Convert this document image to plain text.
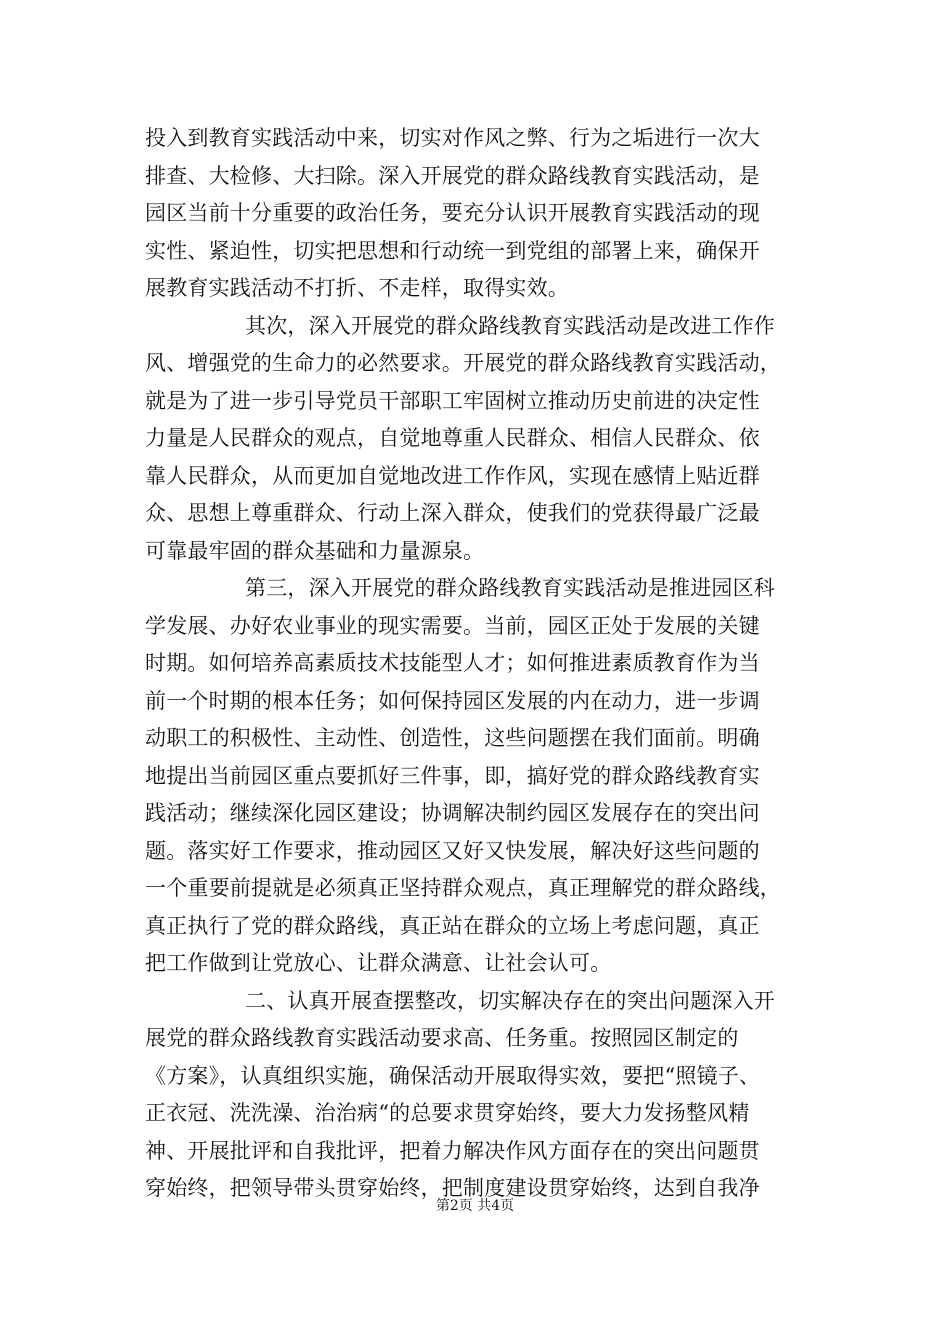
投入到教育实践活动中来，切实对作风之弊、行为之垢进行一次大
排查、大检修、大扫除。深入开展党的群众路线教育实践活动，是
园区当前十分重要的政治任务，要充分认识开展教育实践活动的现
实性、紧迫性，切实把思想和行动统一到党组的部署上来，确保开
展教育实践活动不打折、不走样，取得实效。
其次，深入开展党的群众路线教育实践活动是改进工作作
风、增强党的生命力的必然要求。开展党的群众路线教育实践活动，
就是为了进一步引导党员干部职工牢固树立推动历史前进的决定性
力量是人民群众的观点，自觉地尊重人民群众、相信人民群众、依
靠人民群众，从而更加自觉地改进工作作风，实现在感情上贴近群
众、思想上尊重群众、行动上深入群众，使我们的党获得最广泛最
可靠最牢固的群众基础和力量源泉。
第三，深入开展党的群众路线教育实践活动是推进园区科
学发展、办好农业事业的现实需要。当前，园区正处于发展的关键
时期。如何培养高素质技术技能型人才；如何推进素质教育作为当
前一个时期的根本任务；如何保持园区发展的内在动力，进一步调
动职工的积极性、主动性、创造性，这些问题摆在我们面前。明确
地提出当前园区重点要抓好三件事，即，搞好党的群众路线教育实
践活动；继续深化园区建设；协调解决制约园区发展存在的突出问
题。落实好工作要求，推动园区又好又快发展，解决好这些问题的
一个重要前提就是必须真正坚持群众观点，真正理解党的群众路线，
真正执行了党的群众路线，真正站在群众的立场上考虑问题，真正
把工作做到让党放心、让群众满意、让社会认可。
二、认真开展查摆整改，切实解决存在的突出问题深入开
展党的群众路线教育实践活动要求高、任务重。按照园区制定的
《方案》，认真组织实施，确保活动开展取得实效，要把“照镜子、
正衣冠、洗洗澡、治治病“的总要求贯穿始终，要大力发扬整风精
神、开展批评和自我批评，把着力解决作风方面存在的突出问题贯
穿始终，把领导带头贯穿始终，把制度建设贯穿始终，达到自我净
第2页 共4页
